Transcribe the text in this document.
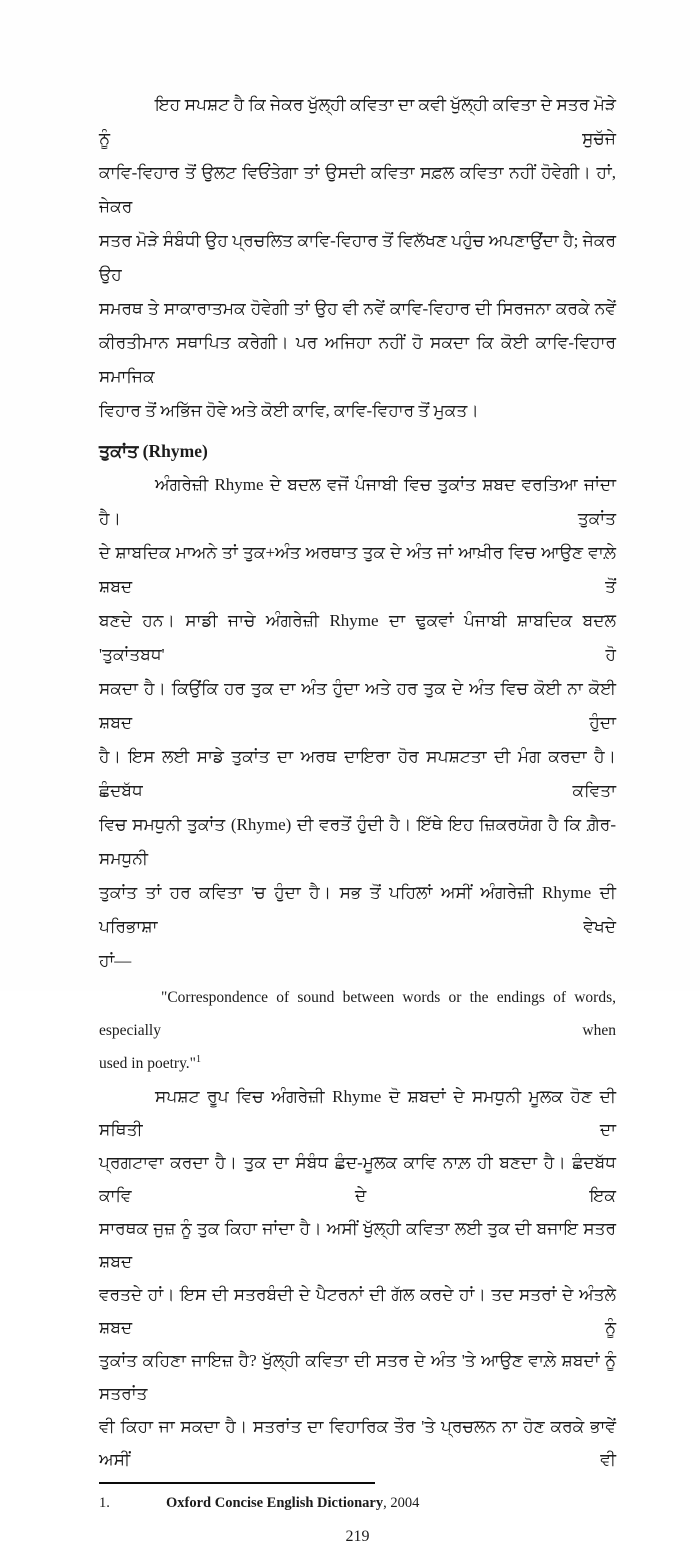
ਇਹ ਸਪਸ਼ਟ ਹੈ ਕਿ ਜੇਕਰ ਖੁੱਲ੍ਹੀ ਕਵਿਤਾ ਦਾ ਕਵੀ ਖੁੱਲ੍ਹੀ ਕਵਿਤਾ ਦੇ ਸਤਰ ਮੋੜੇ ਨੂੰ ਸੁਚੱਜੇ
ਕਾਵਿ-ਵਿਹਾਰ ਤੋਂ ਉਲਟ ਵਿਓਂਤੇਗਾ ਤਾਂ ਉਸਦੀ ਕਵਿਤਾ ਸਫ਼ਲ ਕਵਿਤਾ ਨਹੀਂ ਹੋਵੇਗੀ। ਹਾਂ, ਜੇਕਰ
ਸਤਰ ਮੋੜੇ ਸੰਬੰਧੀ ਉਹ ਪ੍ਰਚਲਿਤ ਕਾਵਿ-ਵਿਹਾਰ ਤੋਂ ਵਿਲੱਖਣ ਪਹੁੰਚ ਅਪਣਾਉਂਦਾ ਹੈ; ਜੇਕਰ ਉਹ
ਸਮਰਥ ਤੇ ਸਾਕਾਰਾਤਮਕ ਹੋਵੇਗੀ ਤਾਂ ਉਹ ਵੀ ਨਵੇਂ ਕਾਵਿ-ਵਿਹਾਰ ਦੀ ਸਿਰਜਨਾ ਕਰਕੇ ਨਵੇਂ
ਕੀਰਤੀਮਾਨ ਸਥਾਪਿਤ ਕਰੇਗੀ। ਪਰ ਅਜਿਹਾ ਨਹੀਂ ਹੋ ਸਕਦਾ ਕਿ ਕੋਈ ਕਾਵਿ-ਵਿਹਾਰ ਸਮਾਜਿਕ
ਵਿਹਾਰ ਤੋਂ ਅਭਿੱਜ ਹੋਵੇ ਅਤੇ ਕੋਈ ਕਾਵਿ, ਕਾਵਿ-ਵਿਹਾਰ ਤੋਂ ਮੁਕਤ।
ਤੁਕਾਂਤ (Rhyme)
ਅੰਗਰੇਜ਼ੀ Rhyme ਦੇ ਬਦਲ ਵਜੋਂ ਪੰਜਾਬੀ ਵਿਚ ਤੁਕਾਂਤ ਸ਼ਬਦ ਵਰਤਿਆ ਜਾਂਦਾ ਹੈ। ਤੁਕਾਂਤ
ਦੇ ਸ਼ਾਬਦਿਕ ਮਾਅਨੇ ਤਾਂ ਤੁਕ+ਅੰਤ ਅਰਥਾਤ ਤੁਕ ਦੇ ਅੰਤ ਜਾਂ ਆਖ਼ੀਰ ਵਿਚ ਆਉਣ ਵਾਲ਼ੇ ਸ਼ਬਦ ਤੋਂ
ਬਣਦੇ ਹਨ। ਸਾਡੀ ਜਾਚੇ ਅੰਗਰੇਜ਼ੀ Rhyme ਦਾ ਢੁਕਵਾਂ ਪੰਜਾਬੀ ਸ਼ਾਬਦਿਕ ਬਦਲ 'ਤੁਕਾਂਤਬਧ' ਹੋ
ਸਕਦਾ ਹੈ। ਕਿਉਂਕਿ ਹਰ ਤੁਕ ਦਾ ਅੰਤ ਹੁੰਦਾ ਅਤੇ ਹਰ ਤੁਕ ਦੇ ਅੰਤ ਵਿਚ ਕੋਈ ਨਾ ਕੋਈ ਸ਼ਬਦ ਹੁੰਦਾ
ਹੈ। ਇਸ ਲਈ ਸਾਡੇ ਤੁਕਾਂਤ ਦਾ ਅਰਥ ਦਾਇਰਾ ਹੋਰ ਸਪਸ਼ਟਤਾ ਦੀ ਮੰਗ ਕਰਦਾ ਹੈ। ਛੰਦਬੱਧ ਕਵਿਤਾ
ਵਿਚ ਸਮਧੁਨੀ ਤੁਕਾਂਤ (Rhyme) ਦੀ ਵਰਤੋਂ ਹੁੰਦੀ ਹੈ। ਇੱਥੇ ਇਹ ਜ਼ਿਕਰਯੋਗ ਹੈ ਕਿ ਗ਼ੈਰ-ਸਮਧੁਨੀ
ਤੁਕਾਂਤ ਤਾਂ ਹਰ ਕਵਿਤਾ 'ਚ ਹੁੰਦਾ ਹੈ। ਸਭ ਤੋਂ ਪਹਿਲਾਂ ਅਸੀਂ ਅੰਗਰੇਜ਼ੀ Rhyme ਦੀ ਪਰਿਭਾਸ਼ਾ ਵੇਖਦੇ
ਹਾਂ—
"Correspondence of sound between words or the endings of words, especially when
used in poetry."$^1$
ਸਪਸ਼ਟ ਰੂਪ ਵਿਚ ਅੰਗਰੇਜ਼ੀ Rhyme ਦੋ ਸ਼ਬਦਾਂ ਦੇ ਸਮਧੁਨੀ ਮੂਲਕ ਹੋਣ ਦੀ ਸਥਿਤੀ ਦਾ
ਪ੍ਰਗਟਾਵਾ ਕਰਦਾ ਹੈ। ਤੁਕ ਦਾ ਸੰਬੰਧ ਛੰਦ-ਮੂਲਕ ਕਾਵਿ ਨਾਲ਼ ਹੀ ਬਣਦਾ ਹੈ। ਛੰਦਬੱਧ ਕਾਵਿ ਦੇ ਇਕ
ਸਾਰਥਕ ਜੁਜ਼ ਨੂੰ ਤੁਕ ਕਿਹਾ ਜਾਂਦਾ ਹੈ। ਅਸੀਂ ਖੁੱਲ੍ਹੀ ਕਵਿਤਾ ਲਈ ਤੁਕ ਦੀ ਬਜਾਇ ਸਤਰ ਸ਼ਬਦ
ਵਰਤਦੇ ਹਾਂ। ਇਸ ਦੀ ਸਤਰਬੰਦੀ ਦੇ ਪੈਟਰਨਾਂ ਦੀ ਗੱਲ ਕਰਦੇ ਹਾਂ। ਤਦ ਸਤਰਾਂ ਦੇ ਅੰਤਲੇ ਸ਼ਬਦ ਨੂੰ
ਤੁਕਾਂਤ ਕਹਿਣਾ ਜਾਇਜ਼ ਹੈ? ਖੁੱਲ੍ਹੀ ਕਵਿਤਾ ਦੀ ਸਤਰ ਦੇ ਅੰਤ 'ਤੇ ਆਉਣ ਵਾਲ਼ੇ ਸ਼ਬਦਾਂ ਨੂੰ ਸਤਰਾਂਤ
ਵੀ ਕਿਹਾ ਜਾ ਸਕਦਾ ਹੈ। ਸਤਰਾਂਤ ਦਾ ਵਿਹਾਰਿਕ ਤੌਰ 'ਤੇ ਪ੍ਰਚਲਨ ਨਾ ਹੋਣ ਕਰਕੇ ਭਾਵੇਂ ਅਸੀਂ ਵੀ
1.	Oxford Concise English Dictionary, 2004
219
